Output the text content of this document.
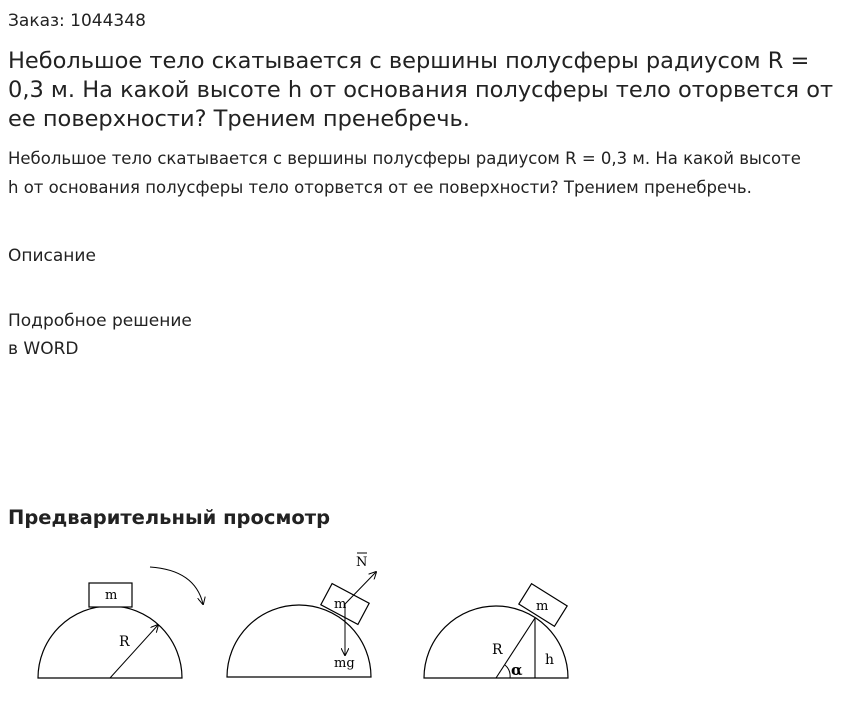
Заказ: 1044348
Небольшое тело скатывается с вершины полусферы радиусом R = 0,3 м. На какой высоте h от основания полусферы тело оторвется от ее поверхности? Трением пренебречь.

Небольшое тело скатывается с вершины полусферы радиусом R = 0,3 м. На какой высоте h от основания полусферы тело оторвется от ее поверхности? Трением пренебречь.

Описание

Подробное решение
в WORD

Предварительный просмотр
m
R
m
N
mg
m
R
α
h
